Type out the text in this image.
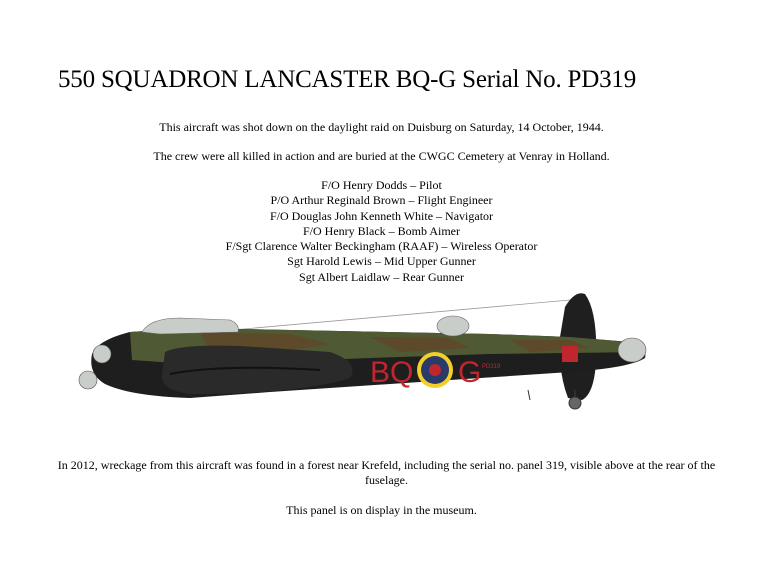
550 SQUADRON LANCASTER BQ-G Serial No. PD319
This aircraft was shot down on the daylight raid on Duisburg on Saturday, 14 October, 1944.
The crew were all killed in action and are buried at the CWGC Cemetery at Venray in Holland.
F/O Henry Dodds – Pilot
P/O Arthur Reginald Brown – Flight Engineer
F/O Douglas John Kenneth White – Navigator
F/O Henry Black – Bomb Aimer
F/Sgt Clarence Walter Beckingham (RAAF) – Wireless Operator
Sgt Harold Lewis – Mid Upper Gunner
Sgt Albert Laidlaw – Rear Gunner
BQ G PD319
In 2012, wreckage from this aircraft was found in a forest near Krefeld, including the serial no. panel 319, visible above at the rear of the fuselage.
This panel is on display in the museum.
